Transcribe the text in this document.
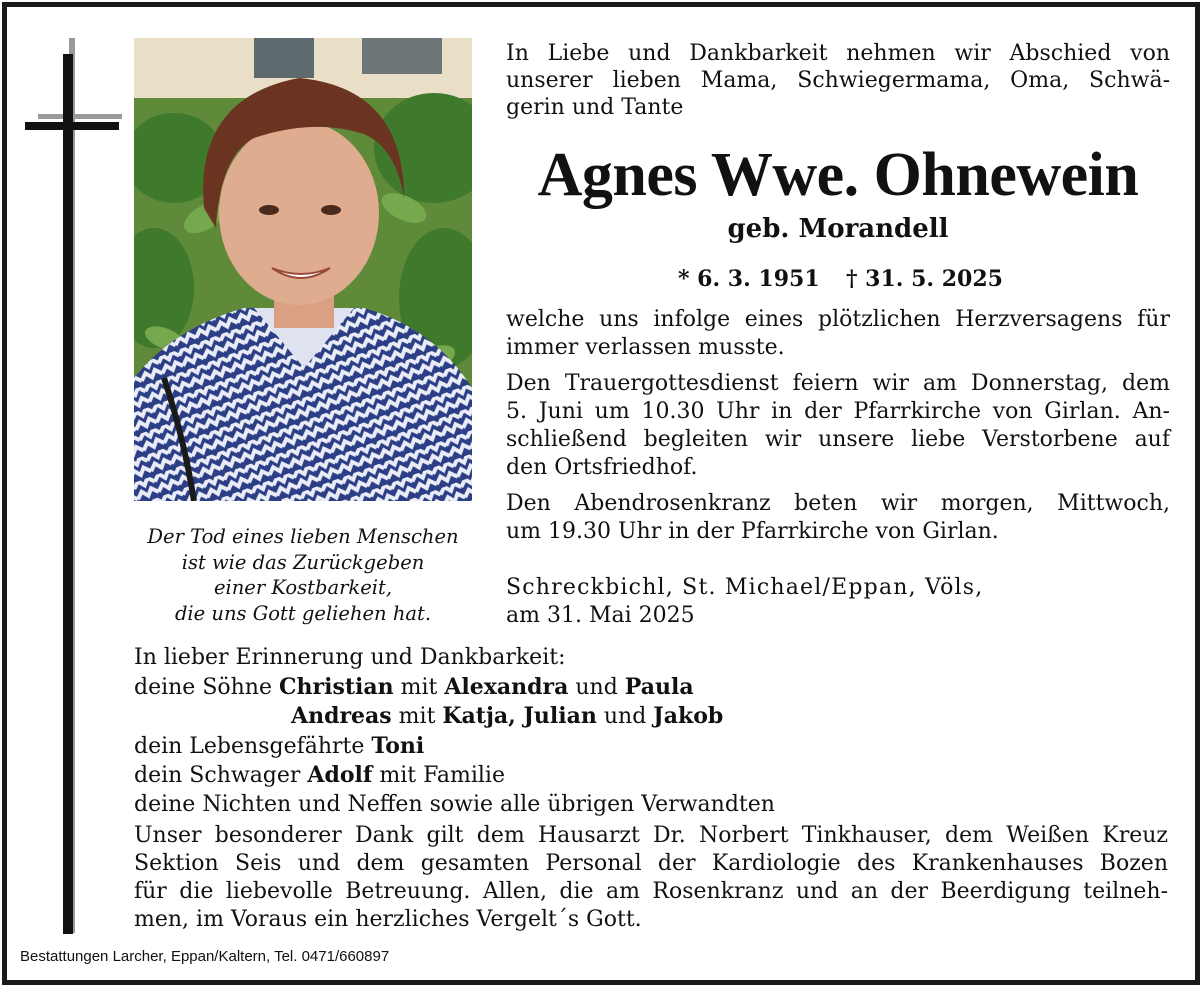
Der Tod eines lieben Menschen
ist wie das Zurückgeben
einer Kostbarkeit,
die uns Gott geliehen hat.
In Liebe und Dankbarkeit nehmen wir Abschied von
unserer lieben Mama, Schwiegermama, Oma, Schwä-
gerin und Tante
Agnes Wwe. Ohnewein
geb. Morandell
* 6. 3. 1951 † 31. 5. 2025
welche uns infolge eines plötzlichen Herzversagens für
immer verlassen musste.
Den Trauergottesdienst feiern wir am Donnerstag, dem
5. Juni um 10.30 Uhr in der Pfarrkirche von Girlan. An-
schließend begleiten wir unsere liebe Verstorbene auf
den Ortsfriedhof.
Den Abendrosenkranz beten wir morgen, Mittwoch,
um 19.30 Uhr in der Pfarrkirche von Girlan.
Schreckbichl, St. Michael/Eppan, Völs,
am 31. Mai 2025
In lieber Erinnerung und Dankbarkeit:
deine Söhne Christian mit Alexandra und Paula
Andreas mit Katja, Julian und Jakob
dein Lebensgefährte Toni
dein Schwager Adolf mit Familie
deine Nichten und Neffen sowie alle übrigen Verwandten
Unser besonderer Dank gilt dem Hausarzt Dr. Norbert Tinkhauser, dem Weißen Kreuz
Sektion Seis und dem gesamten Personal der Kardiologie des Krankenhauses Bozen
für die liebevolle Betreuung. Allen, die am Rosenkranz und an der Beerdigung teilneh-
men, im Voraus ein herzliches Vergelt´s Gott.
Bestattungen Larcher, Eppan/Kaltern, Tel. 0471/660897
